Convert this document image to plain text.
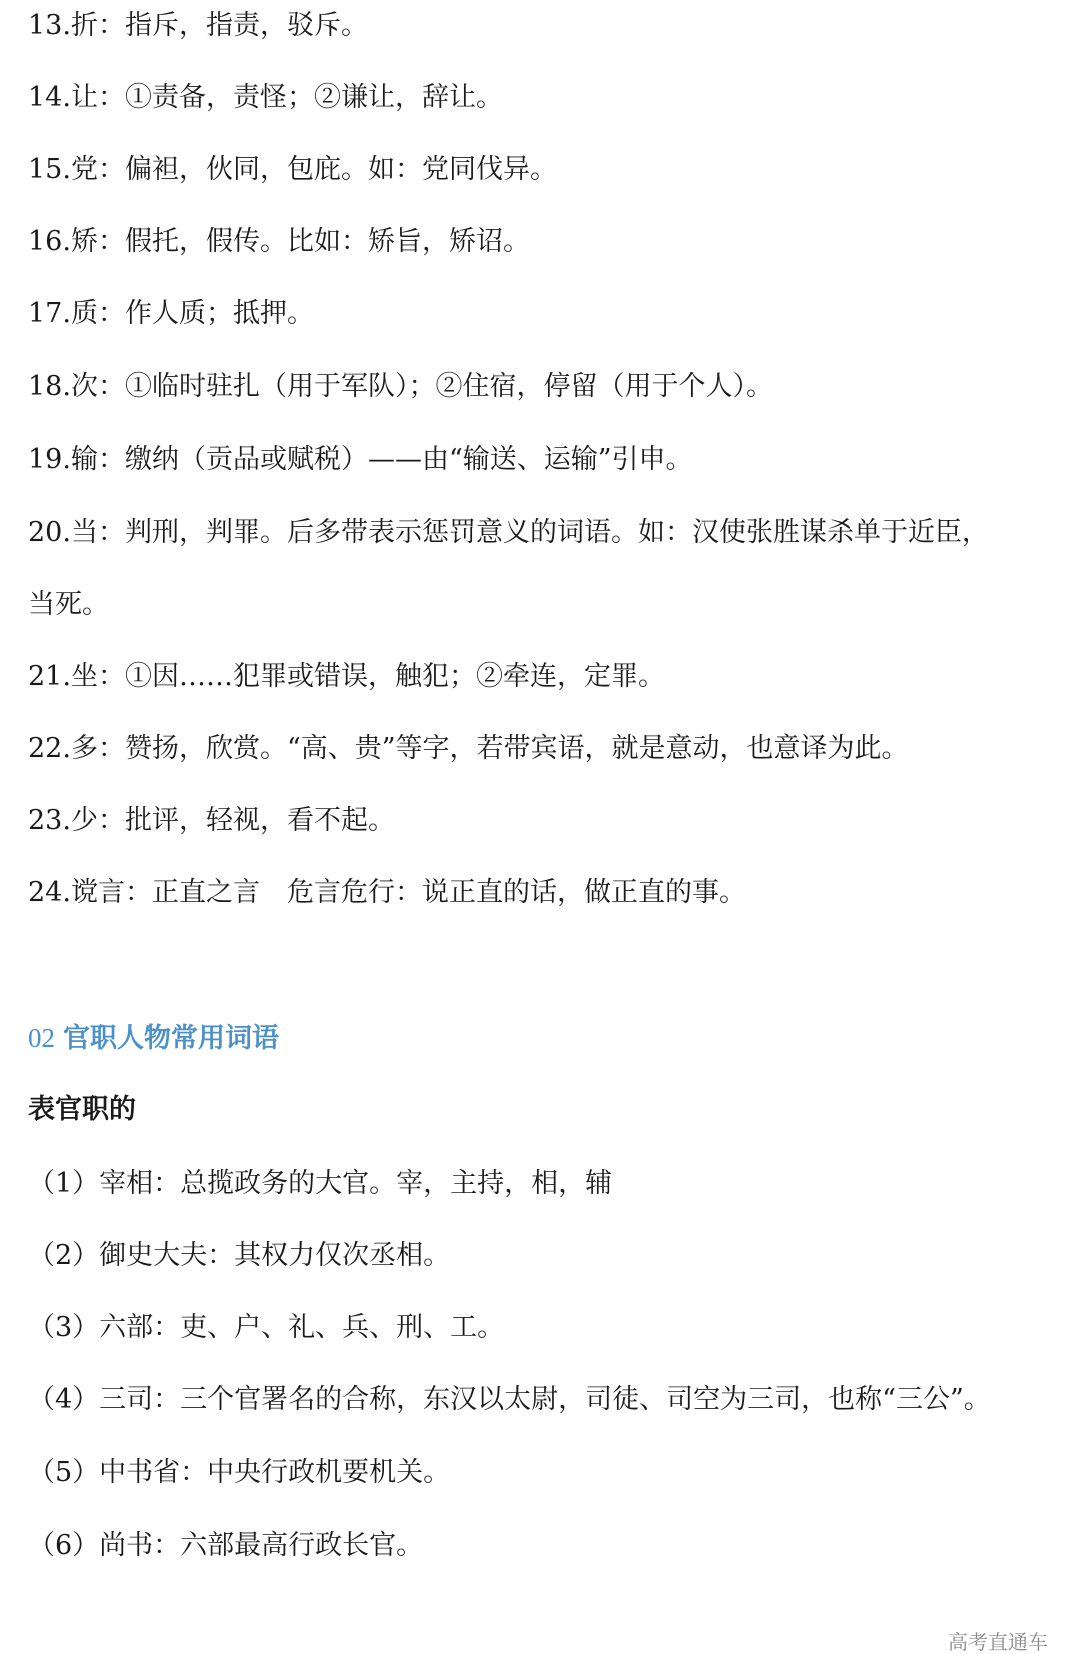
13.折：指斥，指责，驳斥。
14.让：①责备，责怪；②谦让，辞让。
15.党：偏袒，伙同，包庇。如：党同伐异。
16.矫：假托，假传。比如：矫旨，矫诏。
17.质：作人质；抵押。
18.次：①临时驻扎（用于军队）；②住宿，停留（用于个人）。
19.输：缴纳（贡品或赋税）——由“输送、运输”引申。
20.当：判刑，判罪。后多带表示惩罚意义的词语。如：汉使张胜谋杀单于近臣，
当死。
21.坐：①因……犯罪或错误，触犯；②牵连，定罪。
22.多：赞扬，欣赏。“高、贵”等字，若带宾语，就是意动，也意译为此。
23.少：批评，轻视，看不起。
24.谠言：正直之言　危言危行：说正直的话，做正直的事。
02 官职人物常用词语
表官职的
（1）宰相：总揽政务的大官。宰，主持，相，辅
（2）御史大夫：其权力仅次丞相。
（3）六部：吏、户、礼、兵、刑、工。
（4）三司：三个官署名的合称，东汉以太尉，司徒、司空为三司，也称“三公”。
（5）中书省：中央行政机要机关。
（6）尚书：六部最高行政长官。
高考直通车
